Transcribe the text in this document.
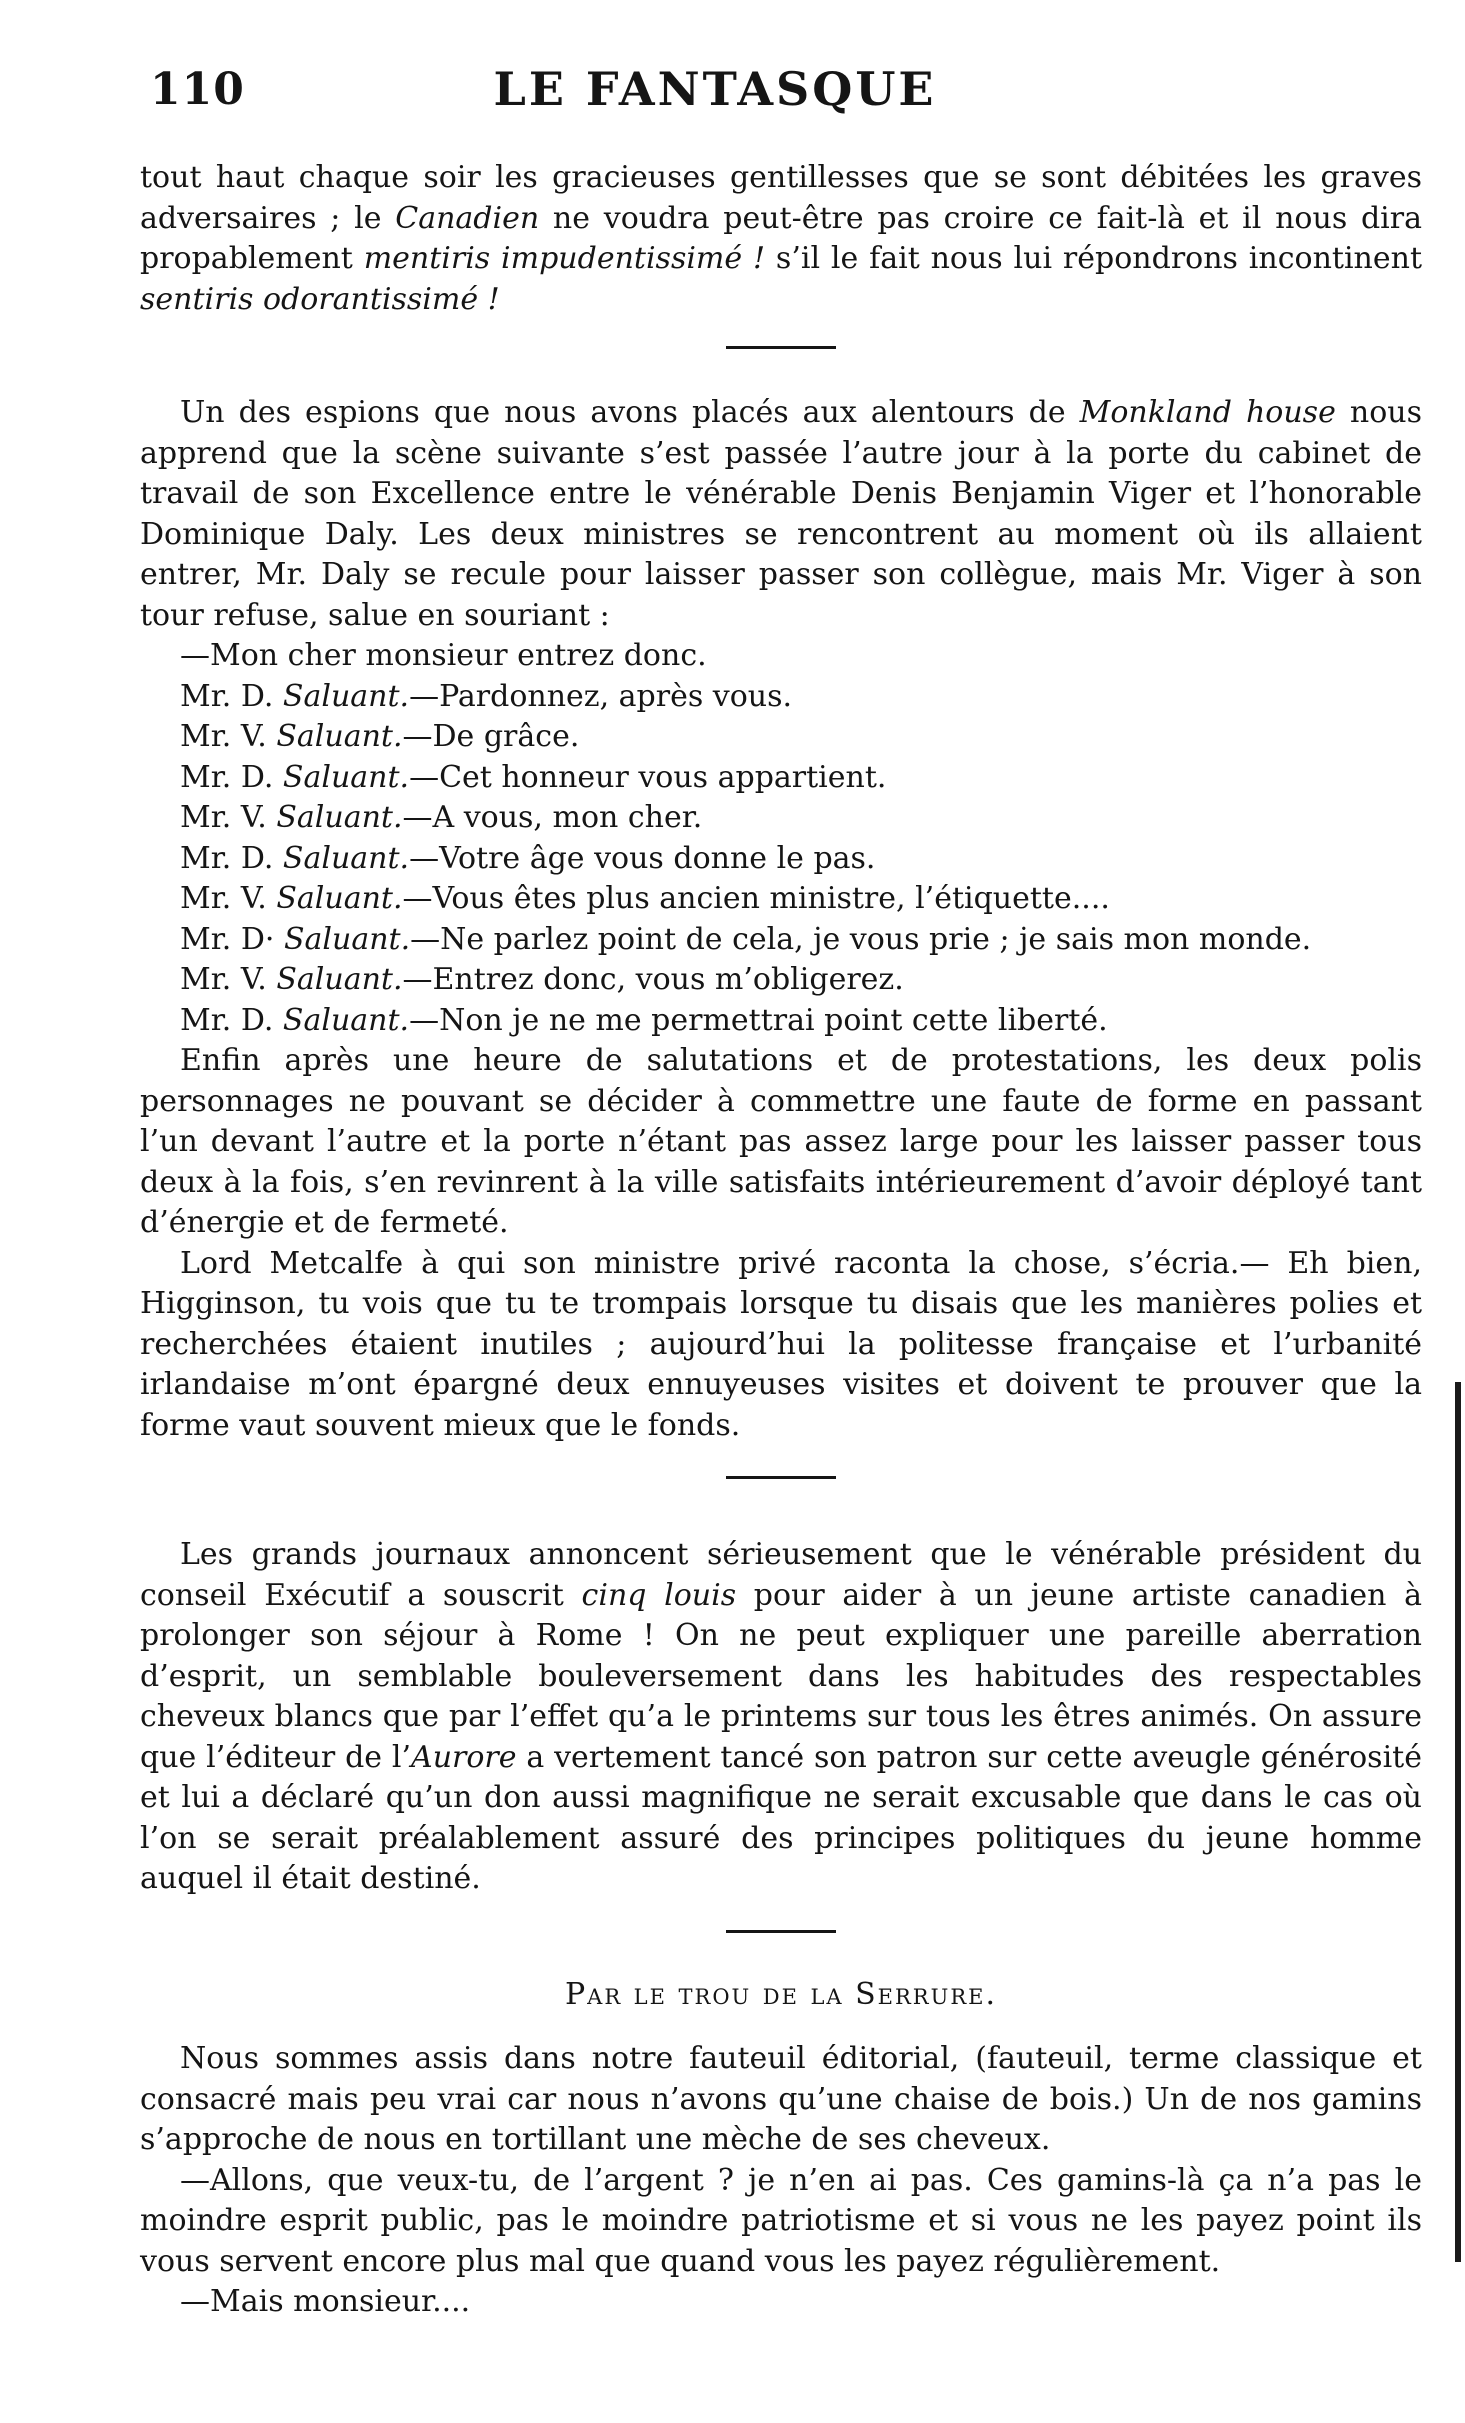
110	LE FANTASQUE

tout haut chaque soir les gracieuses gentillesses que se sont débitées les graves adversaires ; le Canadien ne voudra peut-être pas croire ce fait-là et il nous dira propablement mentiris impudentissimé ! s’il le fait nous lui répondrons incontinent sentiris odorantissimé !

Un des espions que nous avons placés aux alentours de Monkland house nous apprend que la scène suivante s’est passée l’autre jour à la porte du cabinet de travail de son Excellence entre le vénérable Denis Benjamin Viger et l’honorable Dominique Daly. Les deux ministres se rencontrent au moment où ils allaient entrer, Mr. Daly se recule pour laisser passer son collègue, mais Mr. Viger à son tour refuse, salue en souriant :

—Mon cher monsieur entrez donc.

Mr. D. Saluant.—Pardonnez, après vous.

Mr. V. Saluant.—De grâce.

Mr. D. Saluant.—Cet honneur vous appartient.

Mr. V. Saluant.—A vous, mon cher.

Mr. D. Saluant.—Votre âge vous donne le pas.

Mr. V. Saluant.—Vous êtes plus ancien ministre, l’étiquette....

Mr. D· Saluant.—Ne parlez point de cela, je vous prie ; je sais mon monde.

Mr. V. Saluant.—Entrez donc, vous m’obligerez.

Mr. D. Saluant.—Non je ne me permettrai point cette liberté.

Enfin après une heure de salutations et de protestations, les deux polis personnages ne pouvant se décider à commettre une faute de forme en passant l’un devant l’autre et la porte n’étant pas assez large pour les laisser passer tous deux à la fois, s’en revinrent à la ville satisfaits intérieurement d’avoir déployé tant d’énergie et de fermeté.

Lord Metcalfe à qui son ministre privé raconta la chose, s’écria.— Eh bien, Higginson, tu vois que tu te trompais lorsque tu disais que les manières polies et recherchées étaient inutiles ; aujourd’hui la politesse française et l’urbanité irlandaise m’ont épargné deux ennuyeuses visites et doivent te prouver que la forme vaut souvent mieux que le fonds.

Les grands journaux annoncent sérieusement que le vénérable président du conseil Exécutif a souscrit cinq louis pour aider à un jeune artiste canadien à prolonger son séjour à Rome ! On ne peut expliquer une pareille aberration d’esprit, un semblable bouleversement dans les habitudes des respectables cheveux blancs que par l’effet qu’a le printems sur tous les êtres animés. On assure que l’éditeur de l’Aurore a vertement tancé son patron sur cette aveugle générosité et lui a déclaré qu’un don aussi magnifique ne serait excusable que dans le cas où l’on se serait préalablement assuré des principes politiques du jeune homme auquel il était destiné.

Par le trou de la Serrure.

Nous sommes assis dans notre fauteuil éditorial, (fauteuil, terme classique et consacré mais peu vrai car nous n’avons qu’une chaise de bois.) Un de nos gamins s’approche de nous en tortillant une mèche de ses cheveux.

—Allons, que veux-tu, de l’argent ? je n’en ai pas. Ces gamins-là ça n’a pas le moindre esprit public, pas le moindre patriotisme et si vous ne les payez point ils vous servent encore plus mal que quand vous les payez régulièrement.

—Mais monsieur....
